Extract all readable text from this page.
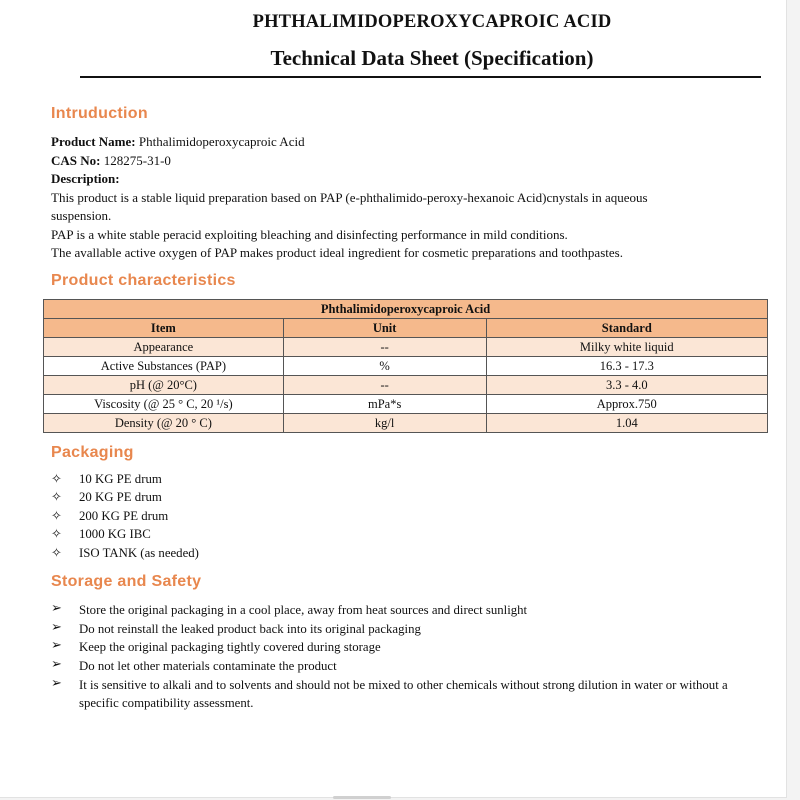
PHTHALIMIDOPEROXYCAPROIC ACID
Technical Data Sheet (Specification)
Intruduction
Product Name: Phthalimidoperoxycaproic Acid
CAS No: 128275-31-0
Description:
This product is a stable liquid preparation based on PAP (e-phthalimido-peroxy-hexanoic Acid)cnystals in aqueous
suspension.
PAP is a white stable peracid exploiting bleaching and disinfecting performance in mild conditions.
The avallable active oxygen of PAP makes product ideal ingredient for cosmetic preparations and toothpastes.
Product characteristics
Phthalimidoperoxycaproic Acid		
Item	Unit	Standard
Appearance	--	Milky white liquid
Active Substances (PAP)	%	16.3 - 17.3
pH (@ 20°C)	--	3.3 - 4.0
Viscosity (@ 25 ° C, 20 ¹/s)	mPa*s	Approx.750
Density (@ 20 ° C)	kg/l	1.04
Packaging
✧ 10 KG PE drum
✧ 20 KG PE drum
✧ 200 KG PE drum
✧ 1000 KG IBC
✧ ISO TANK (as needed)
Storage and Safety
➢	Store the original packaging in a cool place, away from heat sources and direct sunlight
➢	Do not reinstall the leaked product back into its original packaging
➢	Keep the original packaging tightly covered during storage
➢	Do not let other materials contaminate the product
➢	It is sensitive to alkali and to solvents and should not be mixed to other chemicals without strong dilution in water or without a specific compatibility assessment.
